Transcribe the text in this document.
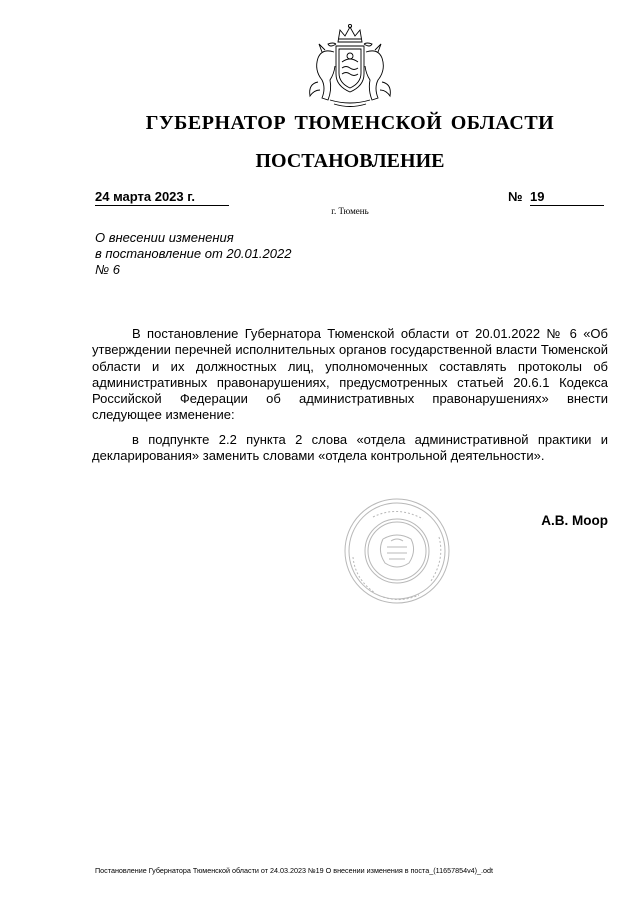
ГУБЕРНАТОР ТЮМЕНСКОЙ ОБЛАСТИ
ПОСТАНОВЛЕНИЕ
24 марта 2023 г.	№ 19
г. Тюмень
О внесении изменения
в постановление от 20.01.2022
№ 6

В постановление Губернатора Тюменской области от 20.01.2022 № 6 «Об утверждении перечней исполнительных органов государственной власти Тюменской области и их должностных лиц, уполномоченных составлять протоколы об административных правонарушениях, предусмотренных статьей 20.6.1 Кодекса Российской Федерации об административных правонарушениях» внести следующее изменение:

в подпункте 2.2 пункта 2 слова «отдела административной практики и декларирования» заменить словами «отдела контрольной деятельности».

А.В. Моор
Постановление Губернатора Тюменской области от 24.03.2023 №19 О внесении изменения в поста_(11657854v4)_.odt
